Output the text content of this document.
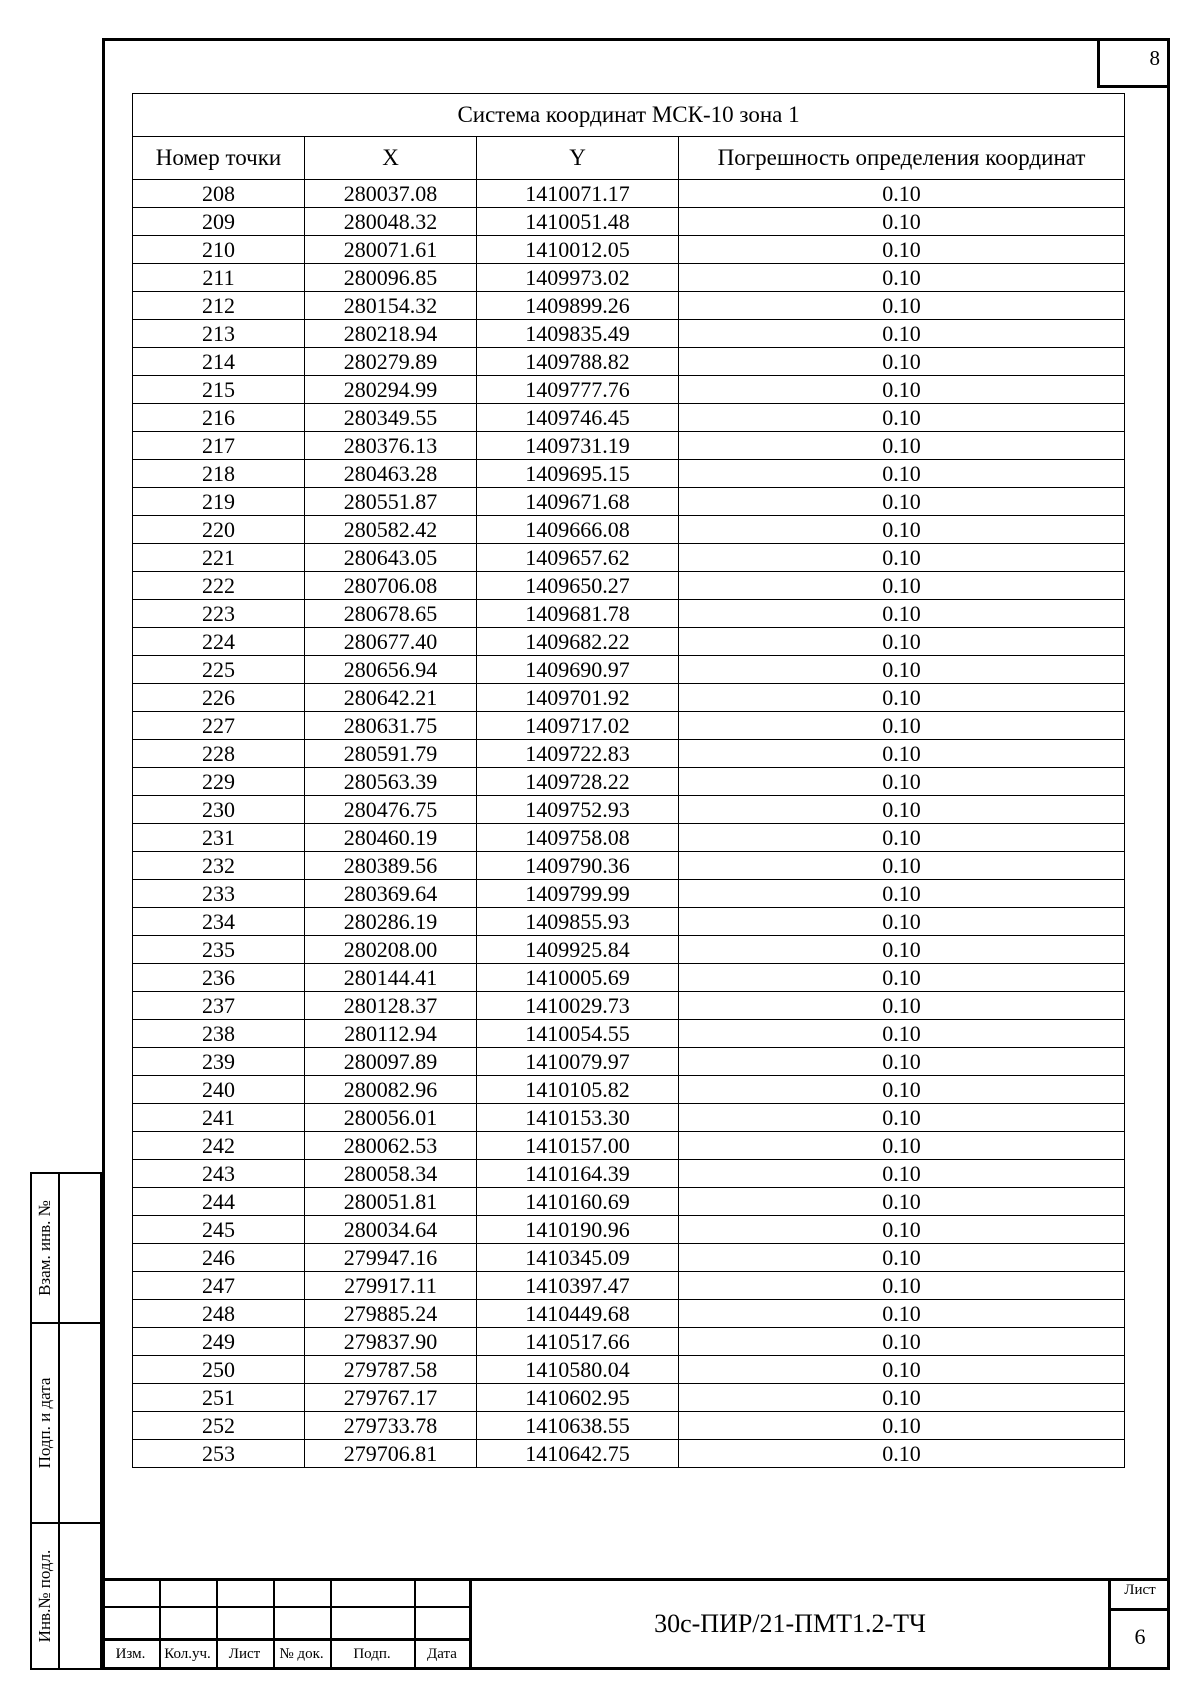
8
Система координат МСК-10 зона 1			
Номер точки	X	Y	Погрешность определения координат
208	280037.08	1410071.17	0.10
209	280048.32	1410051.48	0.10
210	280071.61	1410012.05	0.10
211	280096.85	1409973.02	0.10
212	280154.32	1409899.26	0.10
213	280218.94	1409835.49	0.10
214	280279.89	1409788.82	0.10
215	280294.99	1409777.76	0.10
216	280349.55	1409746.45	0.10
217	280376.13	1409731.19	0.10
218	280463.28	1409695.15	0.10
219	280551.87	1409671.68	0.10
220	280582.42	1409666.08	0.10
221	280643.05	1409657.62	0.10
222	280706.08	1409650.27	0.10
223	280678.65	1409681.78	0.10
224	280677.40	1409682.22	0.10
225	280656.94	1409690.97	0.10
226	280642.21	1409701.92	0.10
227	280631.75	1409717.02	0.10
228	280591.79	1409722.83	0.10
229	280563.39	1409728.22	0.10
230	280476.75	1409752.93	0.10
231	280460.19	1409758.08	0.10
232	280389.56	1409790.36	0.10
233	280369.64	1409799.99	0.10
234	280286.19	1409855.93	0.10
235	280208.00	1409925.84	0.10
236	280144.41	1410005.69	0.10
237	280128.37	1410029.73	0.10
238	280112.94	1410054.55	0.10
239	280097.89	1410079.97	0.10
240	280082.96	1410105.82	0.10
241	280056.01	1410153.30	0.10
242	280062.53	1410157.00	0.10
243	280058.34	1410164.39	0.10
244	280051.81	1410160.69	0.10
245	280034.64	1410190.96	0.10
246	279947.16	1410345.09	0.10
247	279917.11	1410397.47	0.10
248	279885.24	1410449.68	0.10
249	279837.90	1410517.66	0.10
250	279787.58	1410580.04	0.10
251	279767.17	1410602.95	0.10
252	279733.78	1410638.55	0.10
253	279706.81	1410642.75	0.10
Взам. инв. №
Подп. и дата
Инв.№ подл.
Изм.	Кол.уч.	Лист	№ док.	Подп.	Дата
30с-ПИР/21-ПМТ1.2-ТЧ
Лист
6
